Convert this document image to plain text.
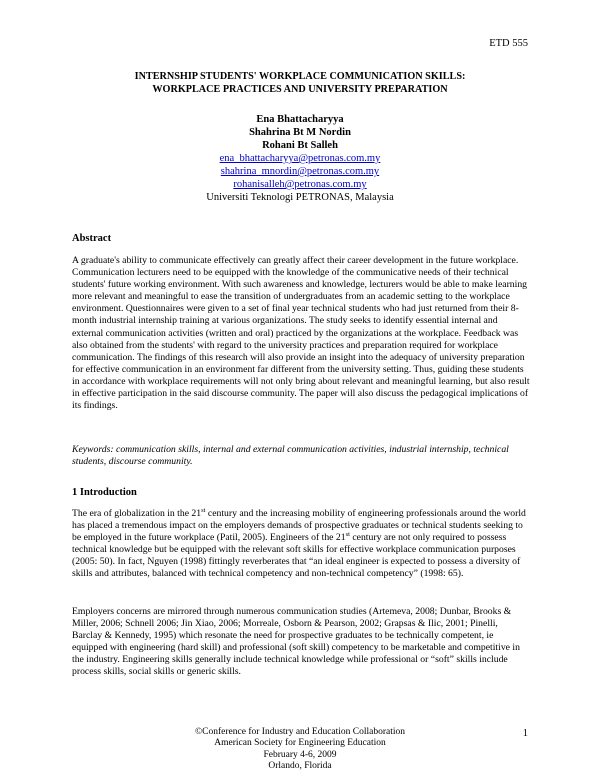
ETD 555
INTERNSHIP STUDENTS' WORKPLACE COMMUNICATION SKILLS:
WORKPLACE PRACTICES AND UNIVERSITY PREPARATION
Ena Bhattacharyya
Shahrina Bt M Nordin
Rohani Bt Salleh
ena_bhattacharyya@petronas.com.my
shahrina_mnordin@petronas.com.my
rohanisalleh@petronas.com.my
Universiti Teknologi PETRONAS, Malaysia
Abstract

A graduate's ability to communicate effectively can greatly affect their career development in the future workplace. Communication lecturers need to be equipped with the knowledge of the communicative needs of their technical students' future working environment. With such awareness and knowledge, lecturers would be able to make learning more relevant and meaningful to ease the transition of undergraduates from an academic setting to the workplace environment. Questionnaires were given to a set of final year technical students who had just returned from their 8-month industrial internship training at various organizations. The study seeks to identify essential internal and external communication activities (written and oral) practiced by the organizations at the workplace. Feedback was also obtained from the students' with regard to the university practices and preparation required for workplace communication. The findings of this research will also provide an insight into the adequacy of university preparation for effective communication in an environment far different from the university setting. Thus, guiding these students in accordance with workplace requirements will not only bring about relevant and meaningful learning, but also result in effective participation in the said discourse community. The paper will also discuss the pedagogical implications of its findings.

Keywords: communication skills, internal and external communication activities, industrial internship, technical students, discourse community.

1 Introduction

The era of globalization in the 21st century and the increasing mobility of engineering professionals around the world has placed a tremendous impact on the employers demands of prospective graduates or technical students seeking to be employed in the future workplace (Patil, 2005). Engineers of the 21st century are not only required to possess technical knowledge but be equipped with the relevant soft skills for effective workplace communication purposes (2005: 50). In fact, Nguyen (1998) fittingly reverberates that “an ideal engineer is expected to possess a diversity of skills and attributes, balanced with technical competency and non-technical competency” (1998: 65).

Employers concerns are mirrored through numerous communication studies (Artemeva, 2008; Dunbar, Brooks & Miller, 2006; Schnell 2006; Jin Xiao, 2006; Morreale, Osborn & Pearson, 2002; Grapsas & Ilic, 2001; Pinelli, Barclay & Kennedy, 1995) which resonate the need for prospective graduates to be technically competent, ie equipped with engineering (hard skill) and professional (soft skill) competency to be marketable and competitive in the industry. Engineering skills generally include technical knowledge while professional or “soft” skills include process skills, social skills or generic skills.

©Conference for Industry and Education Collaboration
American Society for Engineering Education
February 4-6, 2009
Orlando, Florida
1
